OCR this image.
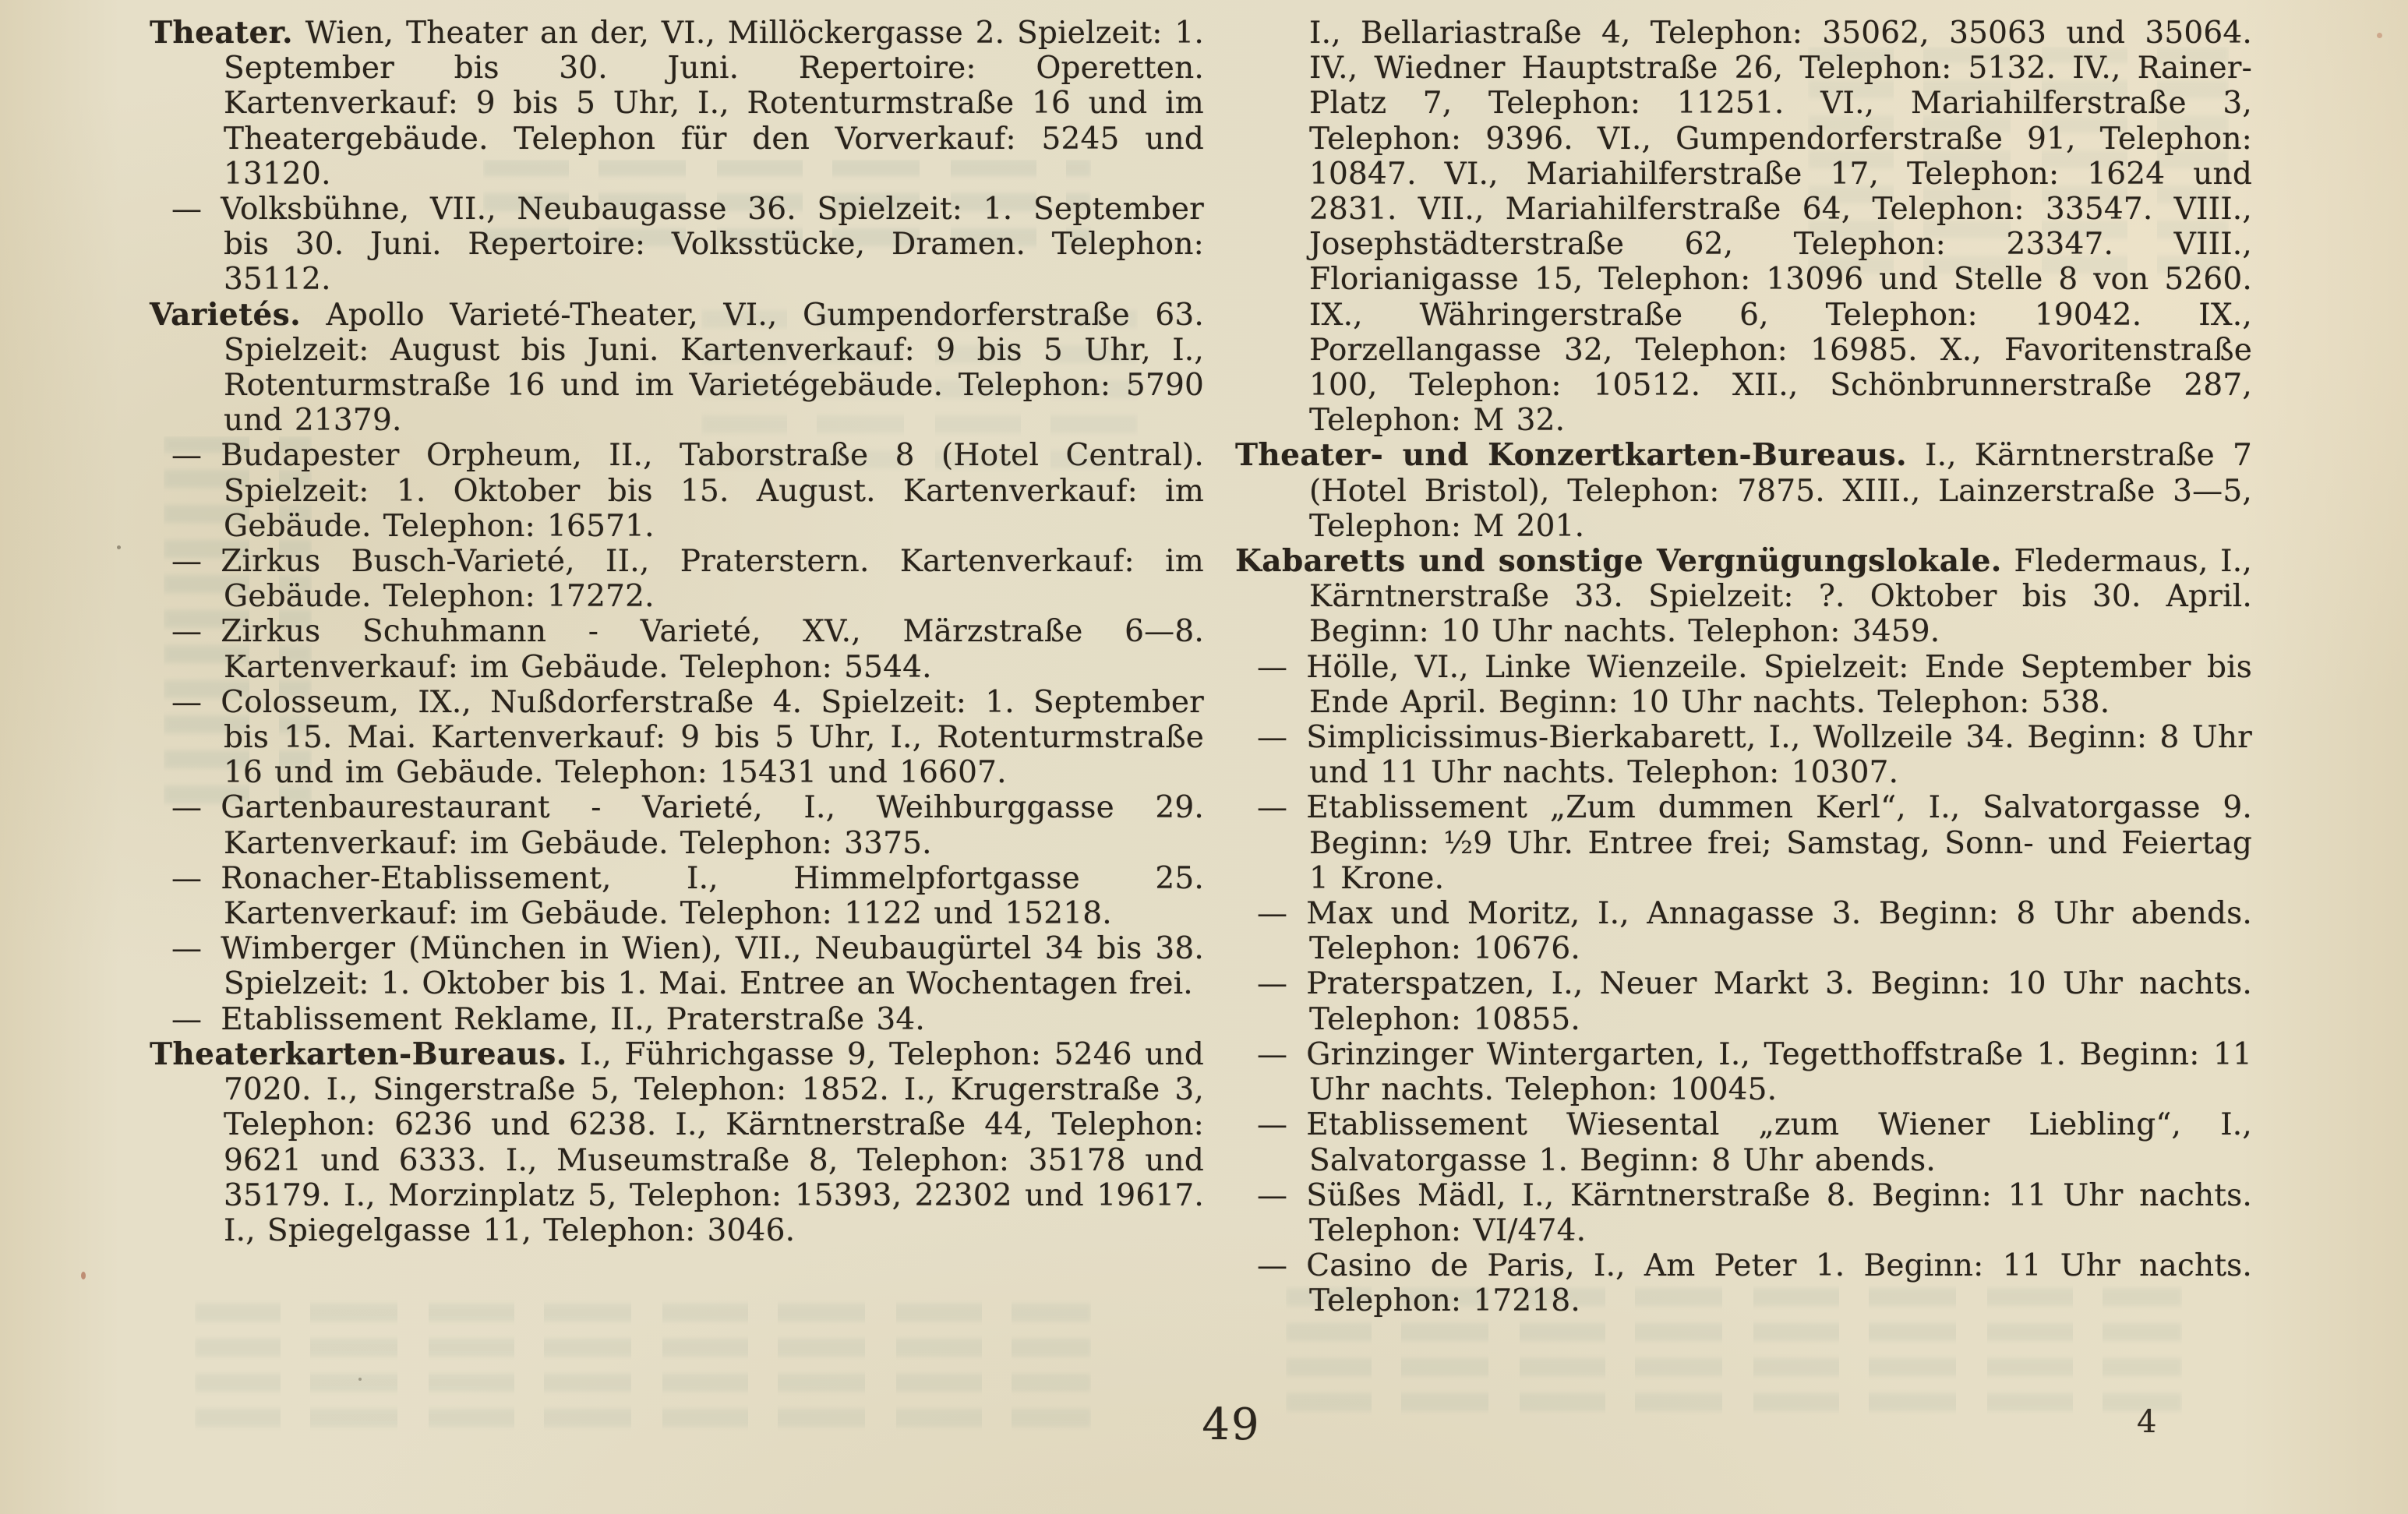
Theater. Wien, Theater an der, VI., Millöckergasse 2. Spielzeit: 1. September bis 30. Juni. Repertoire: Operetten. Kartenverkauf: 9 bis 5 Uhr, I., Rotenturmstraße 16 und im Theatergebäude. Telephon für den Vorverkauf: 5245 und 13120.

— Volksbühne, VII., Neubaugasse 36. Spielzeit: 1. September bis 30. Juni. Repertoire: Volksstücke, Dramen. Telephon: 35112.

Varietés. Apollo Varieté-Theater, VI., Gumpendorferstraße 63. Spielzeit: August bis Juni. Kartenverkauf: 9 bis 5 Uhr, I., Rotenturmstraße 16 und im Varietégebäude. Telephon: 5790 und 21379.

— Budapester Orpheum, II., Taborstraße 8 (Hotel Central). Spielzeit: 1. Oktober bis 15. August. Kartenverkauf: im Gebäude. Telephon: 16571.

— Zirkus Busch-Varieté, II., Praterstern. Kartenverkauf: im Gebäude. Telephon: 17272.

— Zirkus Schuhmann - Varieté, XV., Märzstraße 6—8. Kartenverkauf: im Gebäude. Telephon: 5544.

— Colosseum, IX., Nußdorferstraße 4. Spielzeit: 1. September bis 15. Mai. Kartenverkauf: 9 bis 5 Uhr, I., Rotenturmstraße 16 und im Gebäude. Telephon: 15431 und 16607.

— Gartenbaurestaurant - Varieté, I., Weihburggasse 29. Kartenverkauf: im Gebäude. Telephon: 3375.

— Ronacher-Etablissement, I., Himmelpfortgasse 25. Kartenverkauf: im Gebäude. Telephon: 1122 und 15218.

— Wimberger (München in Wien), VII., Neubaugürtel 34 bis 38. Spielzeit: 1. Oktober bis 1. Mai. Entree an Wochentagen frei.

— Etablissement Reklame, II., Praterstraße 34.

Theaterkarten-Bureaus. I., Führichgasse 9, Telephon: 5246 und 7020. I., Singerstraße 5, Telephon: 1852. I., Krugerstraße 3, Telephon: 6236 und 6238. I., Kärntnerstraße 44, Telephon: 9621 und 6333. I., Museumstraße 8, Telephon: 35178 und 35179. I., Morzinplatz 5, Telephon: 15393, 22302 und 19617. I., Spiegelgasse 11, Telephon: 3046.

I., Bellariastraße 4, Telephon: 35062, 35063 und 35064. IV., Wiedner Hauptstraße 26, Telephon: 5132. IV., Rainer-Platz 7, Telephon: 11251. VI., Mariahilferstraße 3, Telephon: 9396. VI., Gumpendorferstraße 91, Telephon: 10847. VI., Mariahilferstraße 17, Telephon: 1624 und 2831. VII., Mariahilferstraße 64, Telephon: 33547. VIII., Josephstädterstraße 62, Telephon: 23347. VIII., Florianigasse 15, Telephon: 13096 und Stelle 8 von 5260. IX., Währingerstraße 6, Telephon: 19042. IX., Porzellangasse 32, Telephon: 16985. X., Favoritenstraße 100, Telephon: 10512. XII., Schönbrunnerstraße 287, Telephon: M 32.

Theater- und Konzertkarten-Bureaus. I., Kärntnerstraße 7 (Hotel Bristol), Telephon: 7875. XIII., Lainzerstraße 3—5, Telephon: M 201.

Kabaretts und sonstige Vergnügungslokale. Fledermaus, I., Kärntnerstraße 33. Spielzeit: ?. Oktober bis 30. April. Beginn: 10 Uhr nachts. Telephon: 3459.

— Hölle, VI., Linke Wienzeile. Spielzeit: Ende September bis Ende April. Beginn: 10 Uhr nachts. Telephon: 538.

— Simplicissimus-Bierkabarett, I., Wollzeile 34. Beginn: 8 Uhr und 11 Uhr nachts. Telephon: 10307.

— Etablissement „Zum dummen Kerl“, I., Salvatorgasse 9. Beginn: ½9 Uhr. Entree frei; Samstag, Sonn- und Feiertag 1 Krone.

— Max und Moritz, I., Annagasse 3. Beginn: 8 Uhr abends. Telephon: 10676.

— Praterspatzen, I., Neuer Markt 3. Beginn: 10 Uhr nachts. Telephon: 10855.

— Grinzinger Wintergarten, I., Tegetthoffstraße 1. Beginn: 11 Uhr nachts. Telephon: 10045.

— Etablissement Wiesental „zum Wiener Liebling“, I., Salvatorgasse 1. Beginn: 8 Uhr abends.

— Süßes Mädl, I., Kärntnerstraße 8. Beginn: 11 Uhr nachts. Telephon: VI/474.

— Casino de Paris, I., Am Peter 1. Beginn: 11 Uhr nachts. Telephon: 17218.

49	4
